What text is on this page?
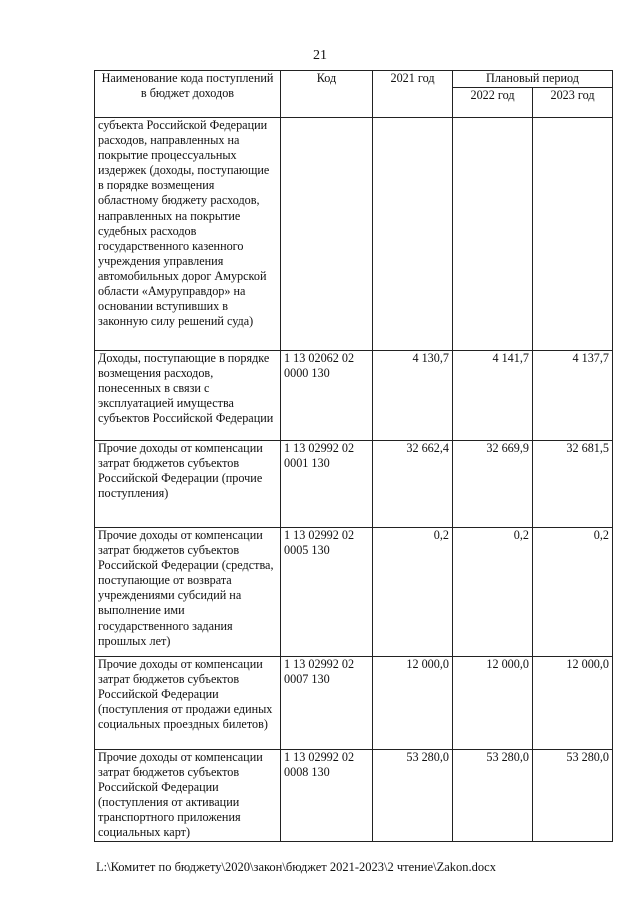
21
Наименование кода поступлений в бюджет доходов	Код	2021 год	Плановый период	
			2022 год	2023 год
субъекта Российской Федерации расходов, направленных на покрытие процессуальных издержек (доходы, поступающие в порядке возмещения областному бюджету расходов, направленных на покрытие судебных расходов государственного казенного учреждения управления автомобильных дорог Амурской области «Амуруправдор» на основании вступивших в законную силу решений суда)				
Доходы, поступающие в порядке возмещения расходов, понесенных в связи с эксплуатацией имущества субъектов Российской Федерации	1 13 02062 02 0000 130	4 130,7	4 141,7	4 137,7
Прочие доходы от компенсации затрат бюджетов субъектов Российской Федерации (прочие поступления)	1 13 02992 02 0001 130	32 662,4	32 669,9	32 681,5
Прочие доходы от компенсации затрат бюджетов субъектов Российской Федерации (средства, поступающие от возврата учреждениями субсидий на выполнение ими государственного задания прошлых лет)	1 13 02992 02 0005 130	0,2	0,2	0,2
Прочие доходы от компенсации затрат бюджетов субъектов Российской Федерации (поступления от продажи единых социальных проездных билетов)	1 13 02992 02 0007 130	12 000,0	12 000,0	12 000,0
Прочие доходы от компенсации затрат бюджетов субъектов Российской Федерации (поступления от активации транспортного приложения социальных карт)	1 13 02992 02 0008 130	53 280,0	53 280,0	53 280,0
L:\Комитет по бюджету\2020\закон\бюджет 2021-2023\2 чтение\Zakon.docx
